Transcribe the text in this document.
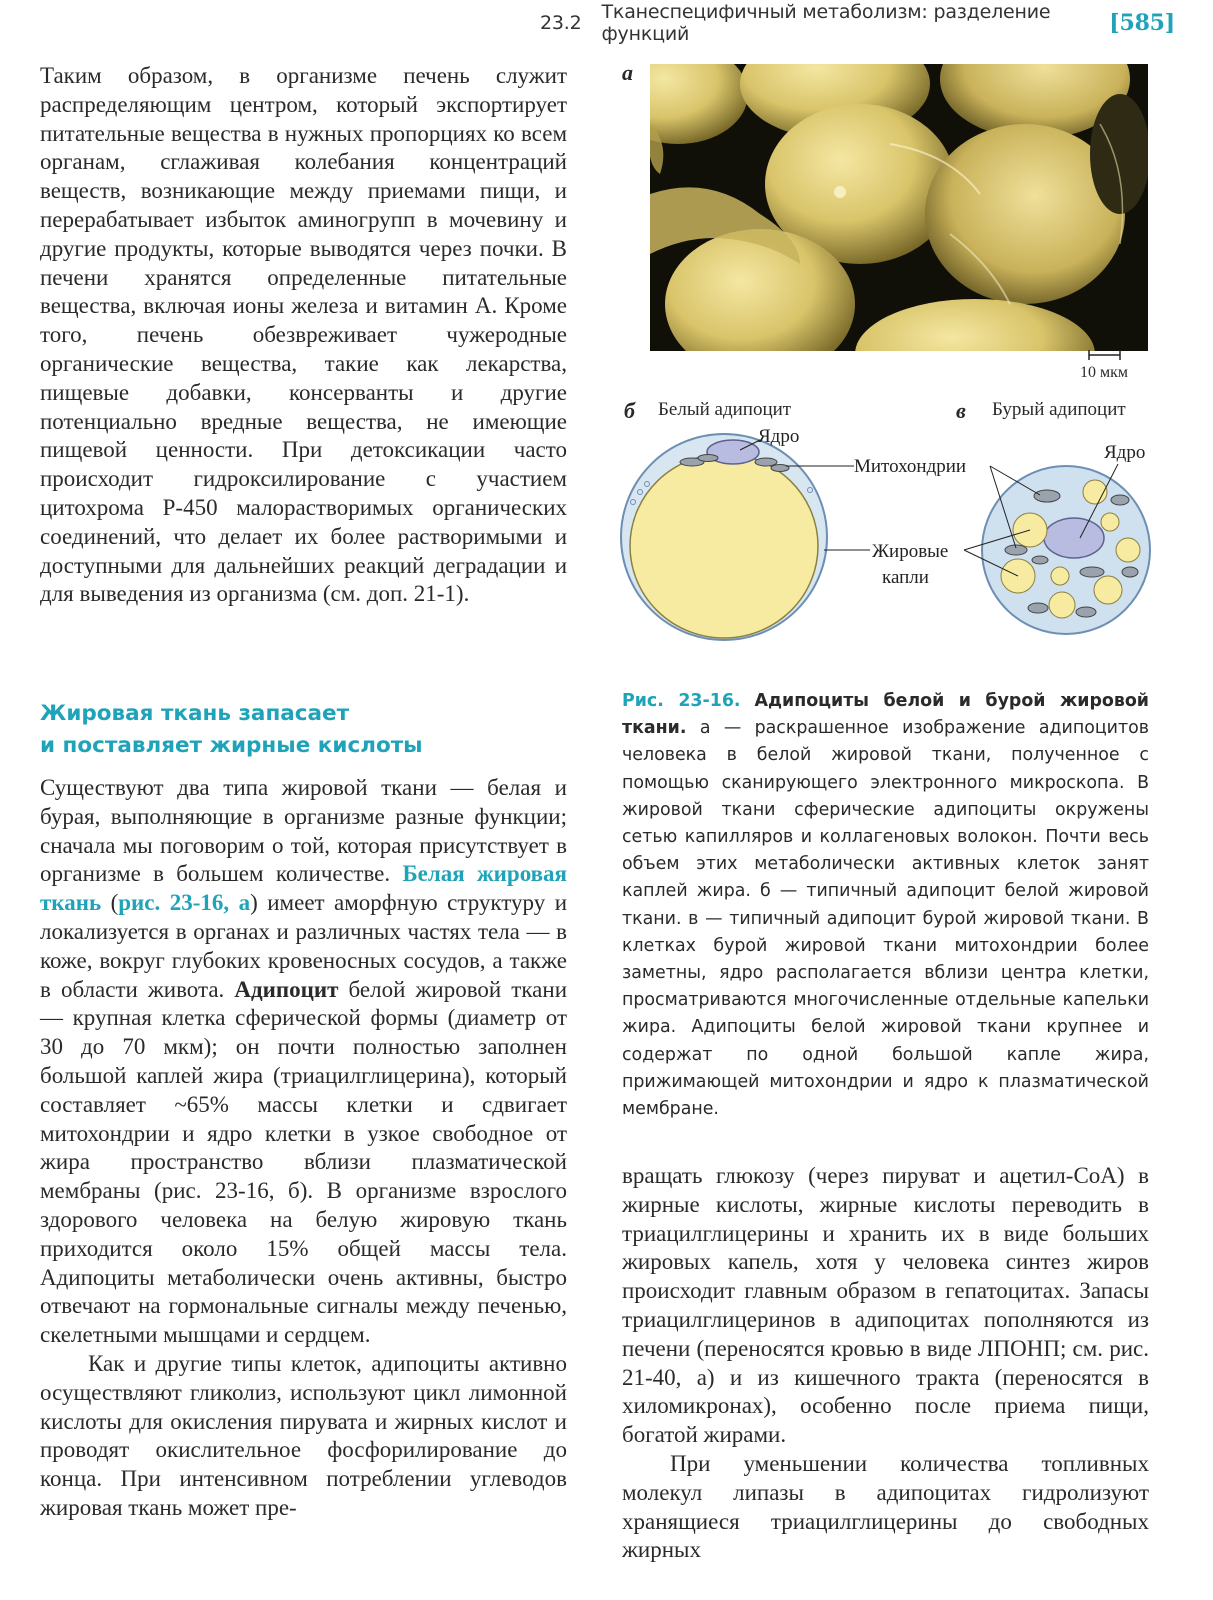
23.2 Тканеспецифичный метаболизм: разделение функций	[585]

Таким образом, в организме печень служит распределяющим центром, который экспортирует питательные вещества в нужных пропорциях ко всем органам, сглаживая колебания концентраций веществ, возникающие между приемами пищи, и перерабатывает избыток аминогрупп в мочевину и другие продукты, которые выводятся через почки. В печени хранятся определенные питательные вещества, включая ионы железа и витамин А. Кроме того, печень обезвреживает чужеродные органические вещества, такие как лекарства, пищевые добавки, консерванты и другие потенциально вредные вещества, не имеющие пищевой ценности. При детоксикации часто происходит гидроксилирование с участием цитохрома Р-450 малорастворимых органических соединений, что делает их более растворимыми и доступными для дальнейших реакций деградации и для выведения из организма (см. доп. 21-1).

Жировая ткань запасает
и поставляет жирные кислоты

Существуют два типа жировой ткани — белая и бурая, выполняющие в организме разные функции; сначала мы поговорим о той, которая присутствует в организме в большем количестве. Белая жировая ткань (рис. 23-16, а) имеет аморфную структуру и локализуется в органах и различных частях тела — в коже, вокруг глубоких кровеносных сосудов, а также в области живота. Адипоцит белой жировой ткани — крупная клетка сферической формы (диаметр от 30 до 70 мкм); он почти полностью заполнен большой каплей жира (триацилглицерина), который составляет ~65% массы клетки и сдвигает митохондрии и ядро клетки в узкое свободное от жира пространство вблизи плазматической мембраны (рис. 23-16, б). В организме взрослого здорового человека на белую жировую ткань приходится около 15% общей массы тела. Адипоциты метаболически очень активны, быстро отвечают на гормональные сигналы между печенью, скелетными мышцами и сердцем.

Как и другие типы клеток, адипоциты активно осуществляют гликолиз, используют цикл лимонной кислоты для окисления пирувата и жирных кислот и проводят окислительное фосфорилирование до конца. При интенсивном потреблении углеводов жировая ткань может пре-

вращать глюкозу (через пируват и ацетил-CoA) в жирные кислоты, жирные кислоты переводить в триацилглицерины и хранить их в виде больших жировых капель, хотя у человека синтез жиров происходит главным образом в гепатоцитах. Запасы триацилглицеринов в адипоцитах пополняются из печени (переносятся кровью в виде ЛПОНП; см. рис. 21-40, а) и из кишечного тракта (переносятся в хиломикронах), особенно после приема пищи, богатой жирами.

При уменьшении количества топливных молекул липазы в адипоцитах гидролизуют хранящиеся триацилглицерины до свободных жирных

а
10 мкм
б Белый адипоцит	в Бурый адипоцит
Ядро
Митохондрии
Ядро
Жировые
капли
Рис. 23-16. Адипоциты белой и бурой жировой ткани. а — раскрашенное изображение адипоцитов человека в белой жировой ткани, полученное с помощью сканирующего электронного микроскопа. В жировой ткани сферические адипоциты окружены сетью капилляров и коллагеновых волокон. Почти весь объем этих метаболически активных клеток занят каплей жира. б — типичный адипоцит белой жировой ткани. в — типичный адипоцит бурой жировой ткани. В клетках бурой жировой ткани митохондрии более заметны, ядро располагается вблизи центра клетки, просматриваются многочисленные отдельные капельки жира. Адипоциты белой жировой ткани крупнее и содержат по одной большой капле жира, прижимающей митохондрии и ядро к плазматической мембране.
